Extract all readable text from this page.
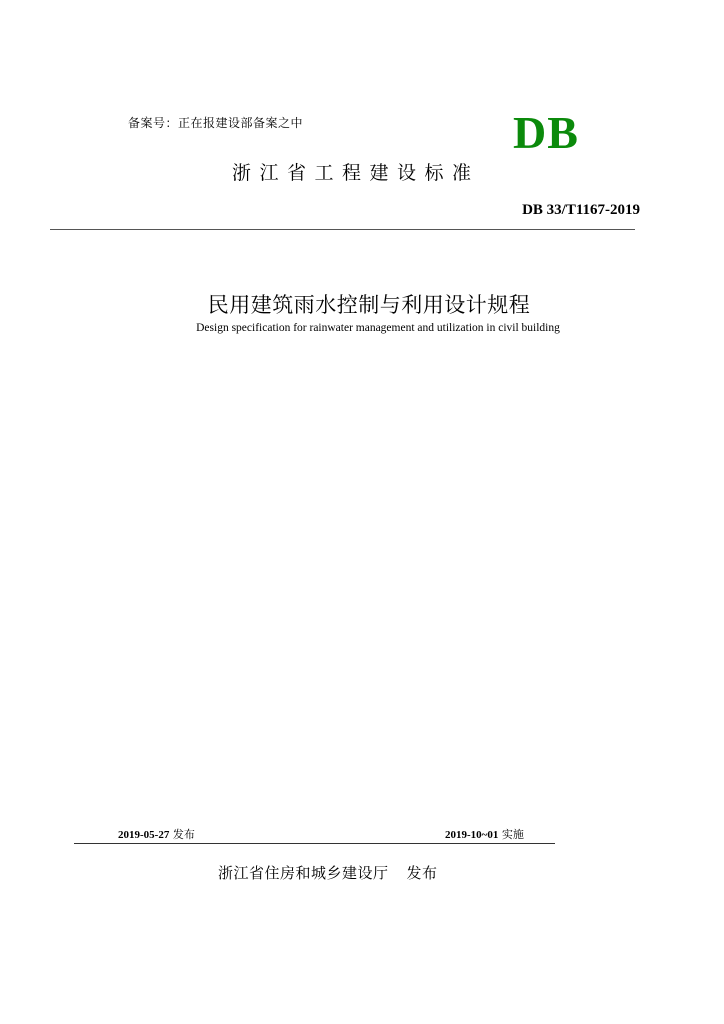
备案号：正在报建设部备案之中	DB
浙江省工程建设标准
DB 33/T1167-2019
民用建筑雨水控制与利用设计规程
Design specification for rainwater management and utilization in civil building
2019-05-27 发布	2019-10~01 实施
浙江省住房和城乡建设厅 发布
